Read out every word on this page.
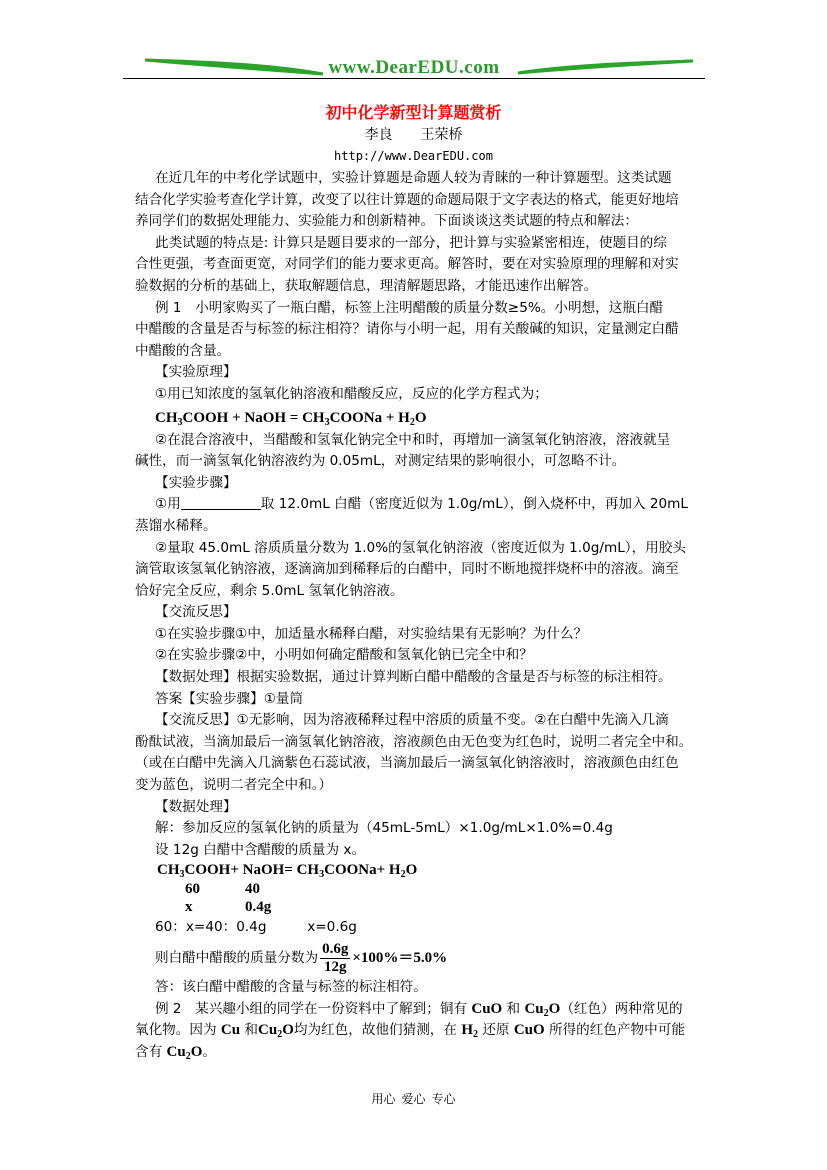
www.DearEDU.com
初中化学新型计算题赏析
李良 王荣桥
http://www.DearEDU.com
在近几年的中考化学试题中，实验计算题是命题人较为青睐的一种计算题型。这类试题
结合化学实验考查化学计算，改变了以往计算题的命题局限于文字表达的格式，能更好地培
养同学们的数据处理能力、实验能力和创新精神。下面谈谈这类试题的特点和解法：
此类试题的特点是: 计算只是题目要求的一部分，把计算与实验紧密相连，使题目的综
合性更强，考查面更宽，对同学们的能力要求更高。解答时，要在对实验原理的理解和对实
验数据的分析的基础上，获取解题信息，理清解题思路，才能迅速作出解答。
例 1　小明家购买了一瓶白醋，标签上注明醋酸的质量分数≥5%。小明想，这瓶白醋
中醋酸的含量是否与标签的标注相符？请你与小明一起，用有关酸碱的知识，定量测定白醋
中醋酸的含量。
【实验原理】
①用已知浓度的氢氧化钠溶液和醋酸反应，反应的化学方程式为；
$CH_3COOH$ + NaOH = $CH_3COONa + H_2O$
②在混合溶液中，当醋酸和氢氧化钠完全中和时，再增加一滴氢氧化钠溶液，溶液就呈
碱性，而一滴氢氧化钠溶液约为 0.05mL，对测定结果的影响很小，可忽略不计。
【实验步骤】
①用	取 12.0mL 白醋（密度近似为 1.0g/mL），倒入烧杯中，再加入 20mL
蒸馏水稀释。
②量取 45.0mL 溶质质量分数为 1.0%的氢氧化钠溶液（密度近似为 1.0g/mL），用胶头
滴管取该氢氧化钠溶液，逐滴滴加到稀释后的白醋中，同时不断地搅拌烧杯中的溶液。滴至
恰好完全反应，剩余 5.0mL 氢氧化钠溶液。
【交流反思】
①在实验步骤①中，加适量水稀释白醋，对实验结果有无影响？为什么？
②在实验步骤②中，小明如何确定醋酸和氢氧化钠已完全中和？
【数据处理】根据实验数据，通过计算判断白醋中醋酸的含量是否与标签的标注相符。
答案【实验步骤】①量筒
【交流反思】①无影响，因为溶液稀释过程中溶质的质量不变。②在白醋中先滴入几滴
酚酞试液，当滴加最后一滴氢氧化钠溶液，溶液颜色由无色变为红色时，说明二者完全中和。
（或在白醋中先滴入几滴紫色石蕊试液，当滴加最后一滴氢氧化钠溶液时，溶液颜色由红色
变为蓝色，说明二者完全中和。）
【数据处理】
解：参加反应的氢氧化钠的质量为（45mL-5mL）×1.0g/mL×1.0%=0.4g
设 12g 白醋中含醋酸的质量为 x。
$CH_3COOH+$ NaOH= $CH_3COONa+ H_2O$
60
x
40
0.4g
60：x=40：0.4g　　　x=0.6g
则白醋中醋酸的质量分数为 $\frac{0.6g}{12g} \times 100\%=5.0\%$
答：该白醋中醋酸的含量与标签的标注相符。
例 2　某兴趣小组的同学在一份资料中了解到；铜有 CuO 和 $Cu_2O$（红色）两种常见的
氧化物。因为 Cu 和$Cu_2O$均为红色，故他们猜测，在 $H_2$ 还原 CuO 所得的红色产物中可能
含有 $Cu_2O$。
用心 爱心 专心
